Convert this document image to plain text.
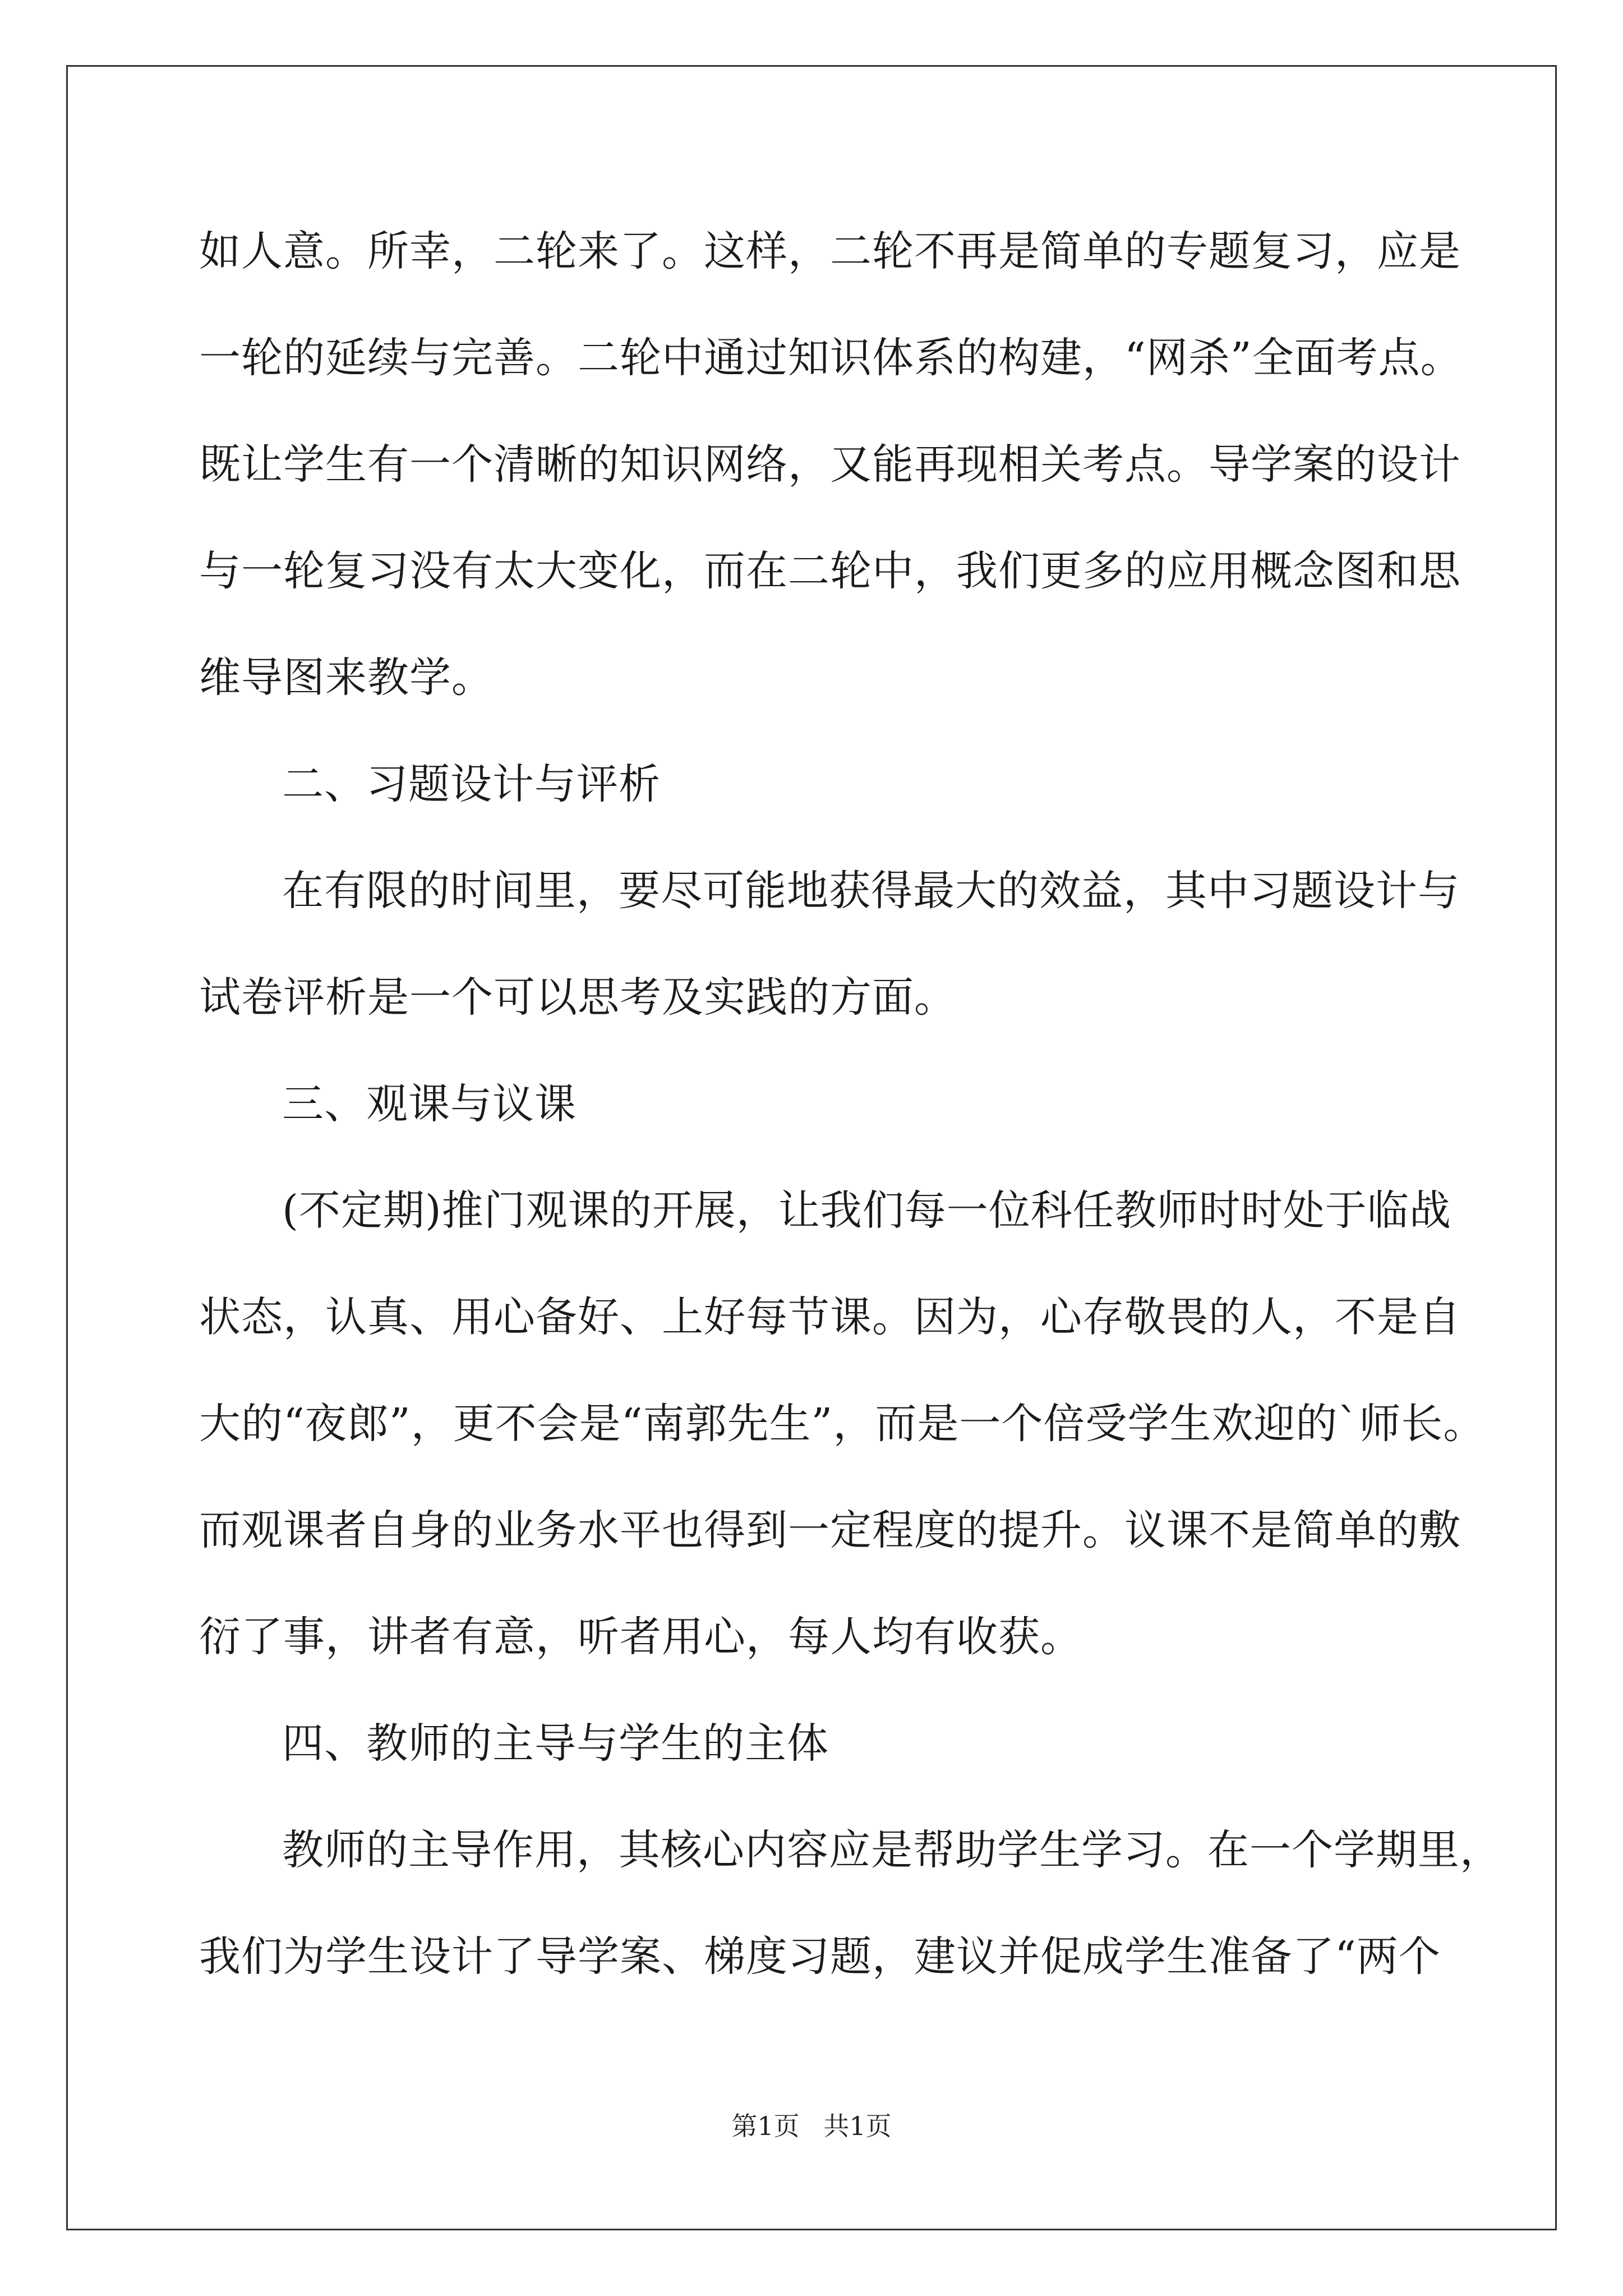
如人意。所幸，二轮来了。这样，二轮不再是简单的专题复习，应是
一轮的延续与完善。二轮中通过知识体系的构建，“网杀”全面考点。
既让学生有一个清晰的知识网络，又能再现相关考点。导学案的设计
与一轮复习没有太大变化，而在二轮中，我们更多的应用概念图和思
维导图来教学。
二、习题设计与评析
在有限的时间里，要尽可能地获得最大的效益，其中习题设计与
试卷评析是一个可以思考及实践的方面。
三、观课与议课
(不定期)推门观课的开展，让我们每一位科任教师时时处于临战
状态，认真、用心备好、上好每节课。因为，心存敬畏的人，不是自
大的“夜郎”，更不会是“南郭先生”，而是一个倍受学生欢迎的`师长。
而观课者自身的业务水平也得到一定程度的提升。议课不是简单的敷
衍了事，讲者有意，听者用心，每人均有收获。
四、教师的主导与学生的主体
教师的主导作用，其核心内容应是帮助学生学习。在一个学期里，
我们为学生设计了导学案、梯度习题，建议并促成学生准备了“两个
第1页 共1页
